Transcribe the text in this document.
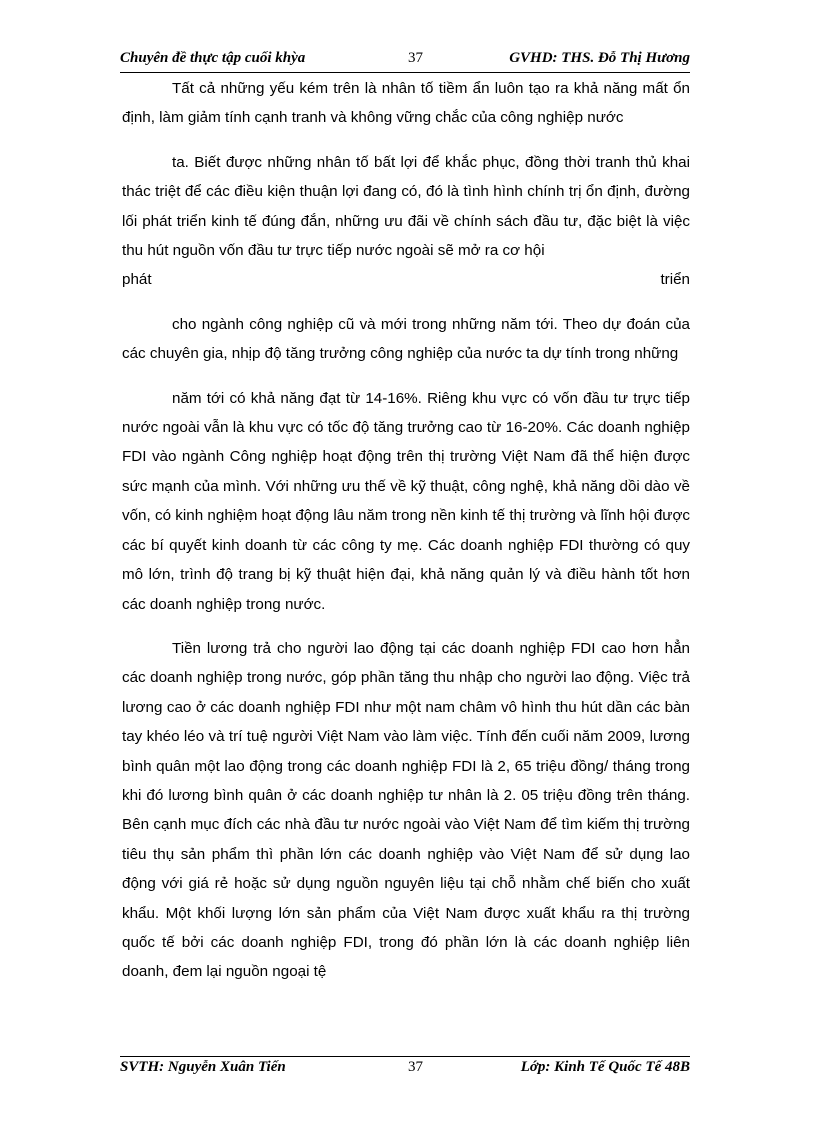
Chuyên đề thực tập cuối khỳa	37	GVHD: THS. Đỗ Thị Hương

Tất cả những yếu kém trên là nhân tố tiềm ẩn luôn tạo ra khả năng mất ổn định, làm giảm tính cạnh tranh và không vững chắc của công nghiệp nước

ta. Biết được những nhân tố bất lợi để khắc phục, đồng thời tranh thủ khai thác triệt để các điều kiện thuận lợi đang có, đó là tình hình chính trị ổn định, đường lối phát triển kinh tế đúng đắn, những ưu đãi về chính sách đầu tư, đặc biệt là việc thu hút nguồn vốn đầu tư trực tiếp nước ngoài sẽ mở ra cơ hội

phát	triển

cho ngành công nghiệp cũ và mới trong những năm tới. Theo dự đoán của các chuyên gia, nhịp độ tăng trưởng công nghiệp của nước ta dự tính trong những

năm tới có khả năng đạt từ 14-16%. Riêng khu vực có vốn đầu tư trực tiếp nước ngoài vẫn là khu vực có tốc độ tăng trưởng cao từ 16-20%. Các doanh nghiệp FDI vào ngành Công nghiệp hoạt động trên thị trường Việt Nam đã thể hiện được sức mạnh của mình. Với những ưu thế về kỹ thuật, công nghệ, khả năng dồi dào về vốn, có kinh nghiệm hoạt động lâu năm trong nền kinh tế thị trường và lĩnh hội được các bí quyết kinh doanh từ các công ty mẹ. Các doanh nghiệp FDI thường có quy mô lớn, trình độ trang bị kỹ thuật hiện đại, khả năng quản lý và điều hành tốt hơn các doanh nghiệp trong nước.

Tiền lương trả cho người lao động tại các doanh nghiệp FDI cao hơn hẳn các doanh nghiệp trong nước, góp phần tăng thu nhập cho người lao động. Việc trả lương cao ở các doanh nghiệp FDI như một nam châm vô hình thu hút dần các bàn tay khéo léo và trí tuệ người Việt Nam vào làm việc. Tính đến cuối năm 2009, lương bình quân một lao động trong các doanh nghiệp FDI là 2, 65 triệu đồng/ tháng trong khi đó lương bình quân ở các doanh nghiệp tư nhân là 2. 05 triệu đồng trên tháng. Bên cạnh mục đích các nhà đầu tư nước ngoài vào Việt Nam để tìm kiếm thị trường tiêu thụ sản phẩm thì phần lớn các doanh nghiệp vào Việt Nam để sử dụng lao động với giá rẻ hoặc sử dụng nguồn nguyên liệu tại chỗ nhằm chế biến cho xuất khẩu. Một khối lượng lớn sản phẩm của Việt Nam được xuất khẩu ra thị trường quốc tế bởi các doanh nghiệp FDI, trong đó phần lớn là các doanh nghiệp liên doanh, đem lại nguồn ngoại tệ

SVTH: Nguyễn Xuân Tiến	37	Lớp: Kinh Tế Quốc Tế 48B
